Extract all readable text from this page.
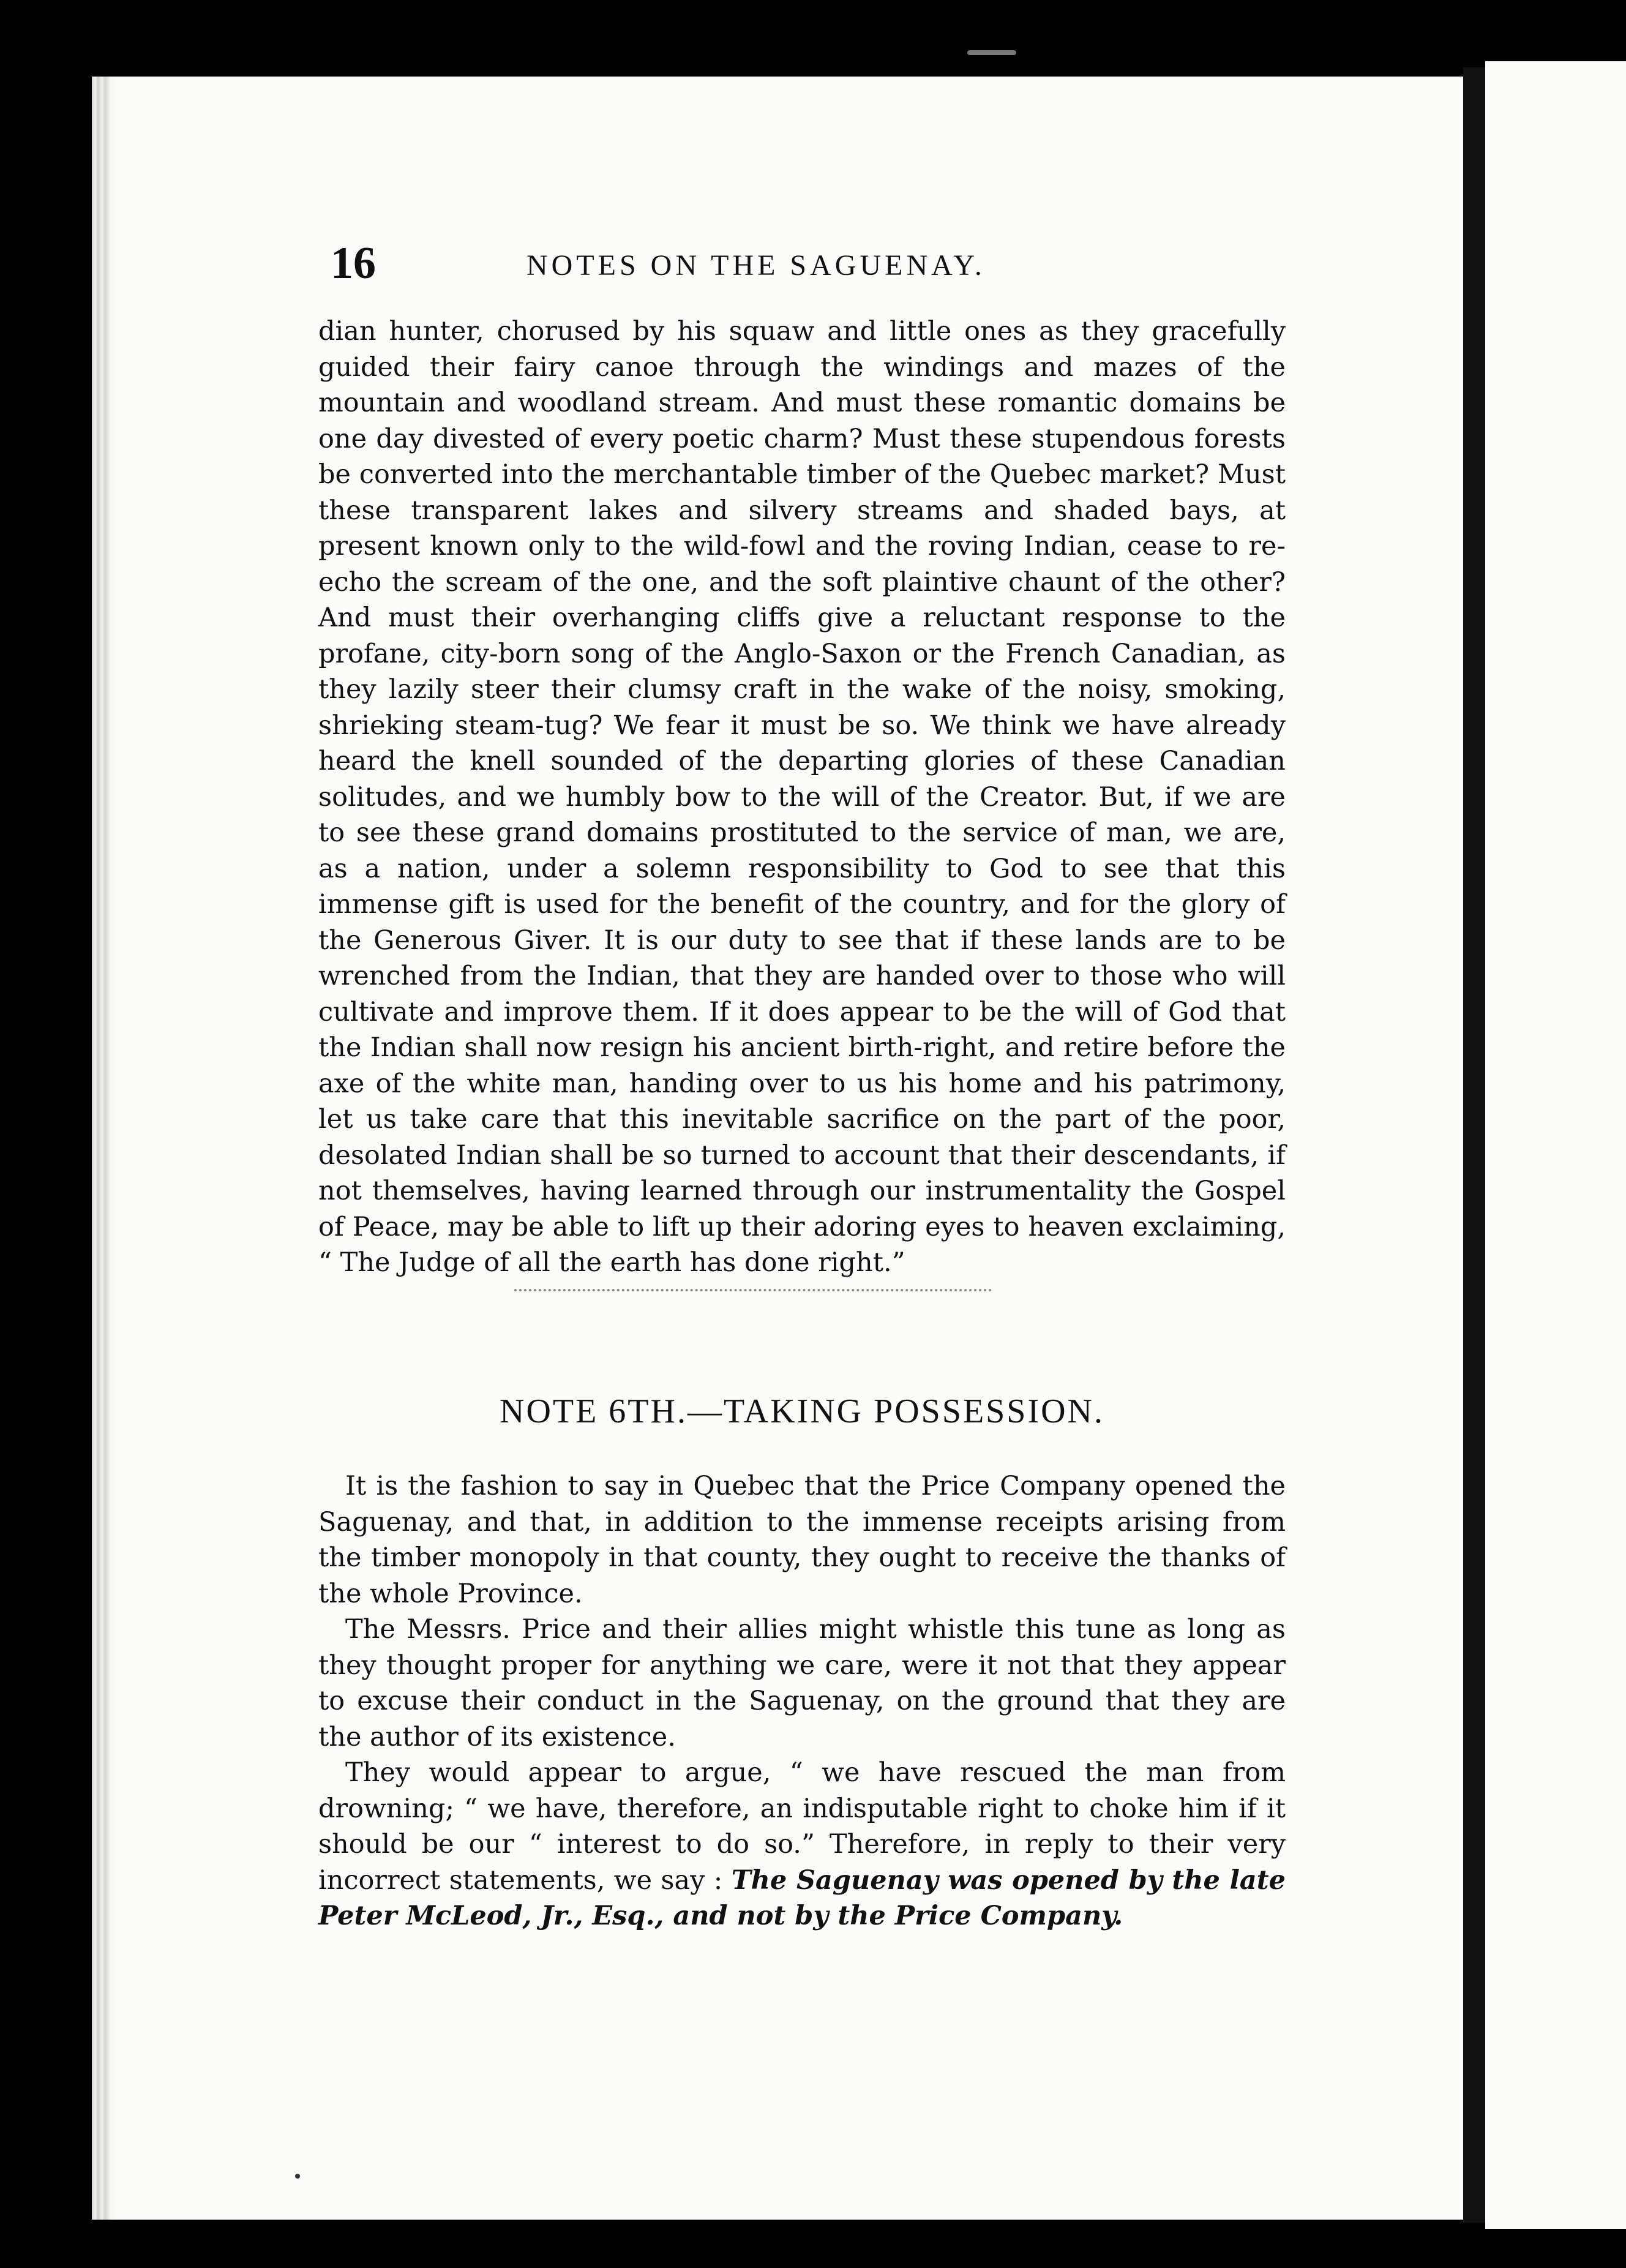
16	NOTES ON THE SAGUENAY.

dian hunter, chorused by his squaw and little ones as they gracefully guided their fairy canoe through the windings and mazes of the mountain and woodland stream. And must these romantic domains be one day divested of every poetic charm? Must these stupendous forests be converted into the merchantable timber of the Quebec market? Must these transparent lakes and silvery streams and shaded bays, at present known only to the wild-fowl and the roving Indian, cease to re-echo the scream of the one, and the soft plaintive chaunt of the other? And must their overhanging cliffs give a reluctant response to the profane, city-born song of the Anglo-Saxon or the French Canadian, as they lazily steer their clumsy craft in the wake of the noisy, smoking, shrieking steam-tug? We fear it must be so. We think we have already heard the knell sounded of the departing glories of these Canadian solitudes, and we humbly bow to the will of the Creator. But, if we are to see these grand domains prostituted to the service of man, we are, as a nation, under a solemn responsibility to God to see that this immense gift is used for the benefit of the country, and for the glory of the Generous Giver. It is our duty to see that if these lands are to be wrenched from the Indian, that they are handed over to those who will cultivate and improve them. If it does appear to be the will of God that the Indian shall now resign his ancient birth-right, and retire before the axe of the white man, handing over to us his home and his patrimony, let us take care that this inevitable sacrifice on the part of the poor, desolated Indian shall be so turned to account that their descendants, if not themselves, having learned through our instrumentality the Gospel of Peace, may be able to lift up their adoring eyes to heaven exclaiming, “ The Judge of all the earth has done right.”

NOTE 6TH.—TAKING POSSESSION.

It is the fashion to say in Quebec that the Price Company opened the Saguenay, and that, in addition to the immense receipts arising from the timber monopoly in that county, they ought to receive the thanks of the whole Province.

The Messrs. Price and their allies might whistle this tune as long as they thought proper for anything we care, were it not that they appear to excuse their conduct in the Saguenay, on the ground that they are the author of its existence.

They would appear to argue, “ we have rescued the man from drowning; “ we have, therefore, an indisputable right to choke him if it should be our “ interest to do so.” Therefore, in reply to their very incorrect statements, we say : The Saguenay was opened by the late Peter McLeod, Jr., Esq., and not by the Price Company.
